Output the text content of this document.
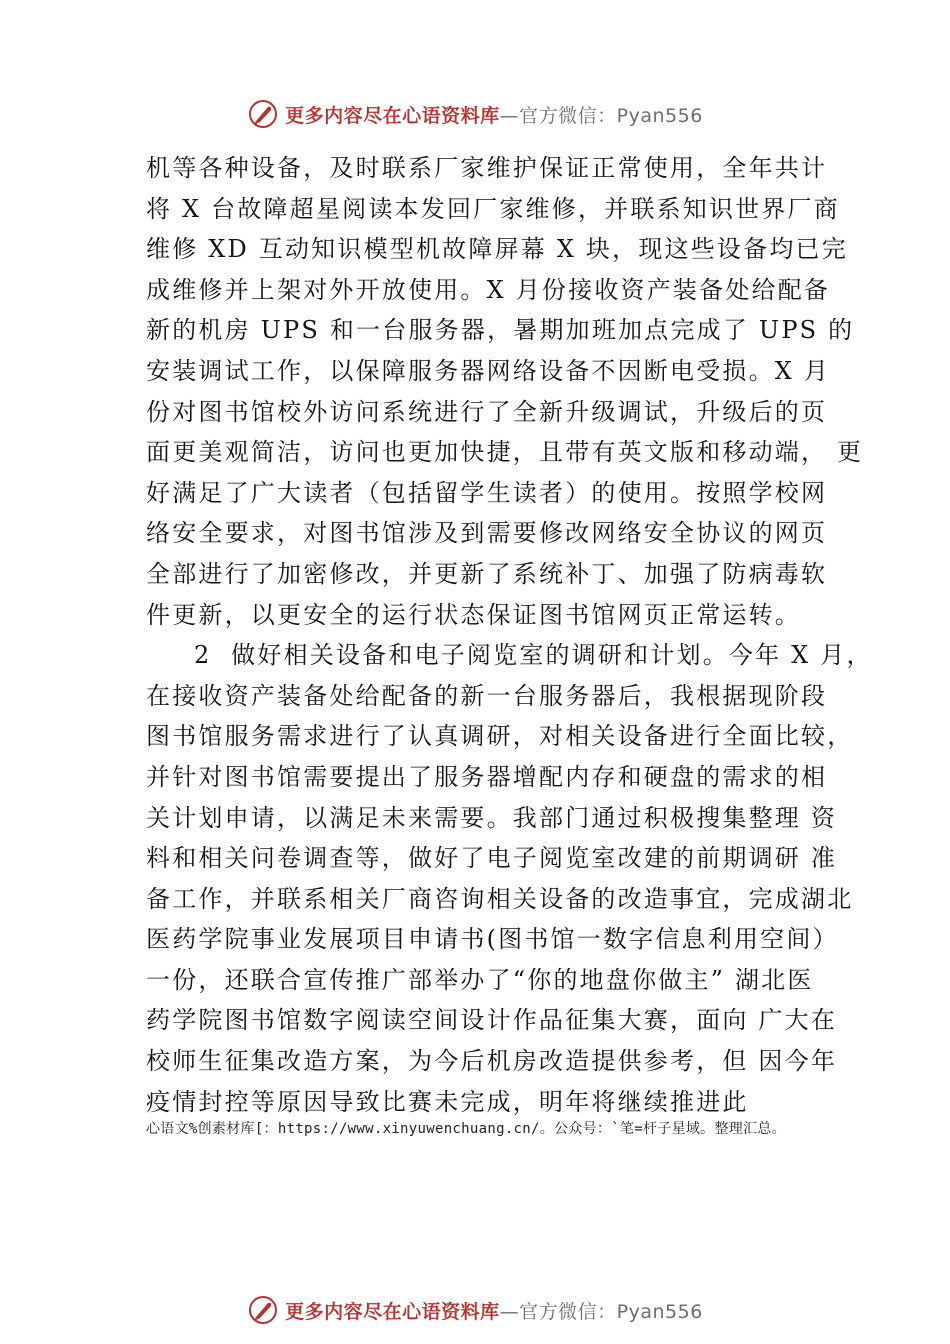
更多内容尽在心语资料库 —官方微信：Pyan556
机等各种设备，及时联系厂家维护保证正常使用，全年共计
将 X 台故障超星阅读本发回厂家维修，并联系知识世界厂商
维修 XD 互动知识模型机故障屏幕 X 块，现这些设备均已完
成维修并上架对外开放使用。X 月份接收资产装备处给配备
新的机房 UPS 和一台服务器，暑期加班加点完成了 UPS 的
安装调试工作，以保障服务器网络设备不因断电受损。X 月
份对图书馆校外访问系统进行了全新升级调试，升级后的页
面更美观简洁，访问也更加快捷，且带有英文版和移动端， 更
好满足了广大读者（包括留学生读者）的使用。按照学校网
络安全要求，对图书馆涉及到需要修改网络安全协议的网页
全部进行了加密修改，并更新了系统补丁、加强了防病毒软
件更新，以更安全的运行状态保证图书馆网页正常运转。
2  做好相关设备和电子阅览室的调研和计划。今年 X 月，
在接收资产装备处给配备的新一台服务器后，我根据现阶段
图书馆服务需求进行了认真调研，对相关设备进行全面比较，
并针对图书馆需要提出了服务器增配内存和硬盘的需求的相
关计划申请，以满足未来需要。我部门通过积极搜集整理 资
料和相关问卷调查等，做好了电子阅览室改建的前期调研 准
备工作，并联系相关厂商咨询相关设备的改造事宜，完成湖北
医药学院事业发展项目申请书(图书馆一数字信息利用空间）
一份，还联合宣传推广部举办了“你的地盘你做主” 湖北医
药学院图书馆数字阅读空间设计作品征集大赛，面向 广大在
校师生征集改造方案，为今后机房改造提供参考，但 因今年
疫情封控等原因导致比赛未完成，明年将继续推进此
心语文%创素材库[：https://www.xinyuwenchuang.cn/。公众号：`笔=杆子星域。整理汇总。
更多内容尽在心语资料库 —官方微信：Pyan556
